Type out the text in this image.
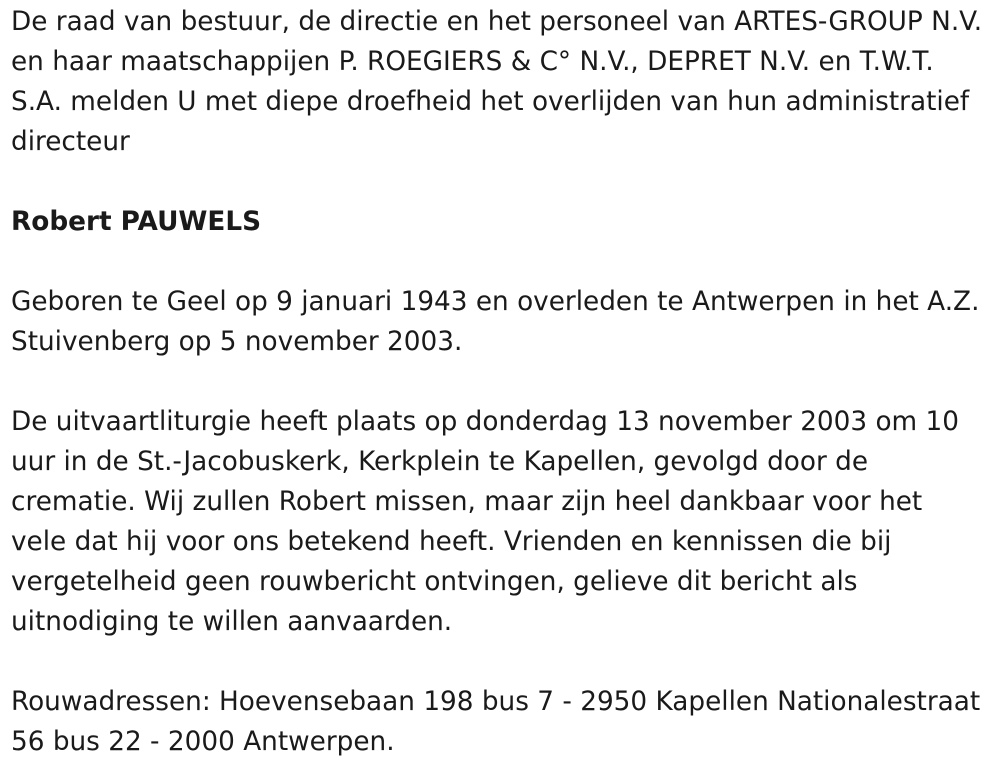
De raad van bestuur, de directie en het personeel van ARTES-GROUP N.V.
en haar maatschappijen P. ROEGIERS & C° N.V., DEPRET N.V. en T.W.T.
S.A. melden U met diepe droefheid het overlijden van hun administratief
directeur
Robert PAUWELS
Geboren te Geel op 9 januari 1943 en overleden te Antwerpen in het A.Z.
Stuivenberg op 5 november 2003.
De uitvaartliturgie heeft plaats op donderdag 13 november 2003 om 10
uur in de St.-Jacobuskerk, Kerkplein te Kapellen, gevolgd door de
crematie. Wij zullen Robert missen, maar zijn heel dankbaar voor het
vele dat hij voor ons betekend heeft. Vrienden en kennissen die bij
vergetelheid geen rouwbericht ontvingen, gelieve dit bericht als
uitnodiging te willen aanvaarden.
Rouwadressen: Hoevensebaan 198 bus 7 - 2950 Kapellen Nationalestraat
56 bus 22 - 2000 Antwerpen.
